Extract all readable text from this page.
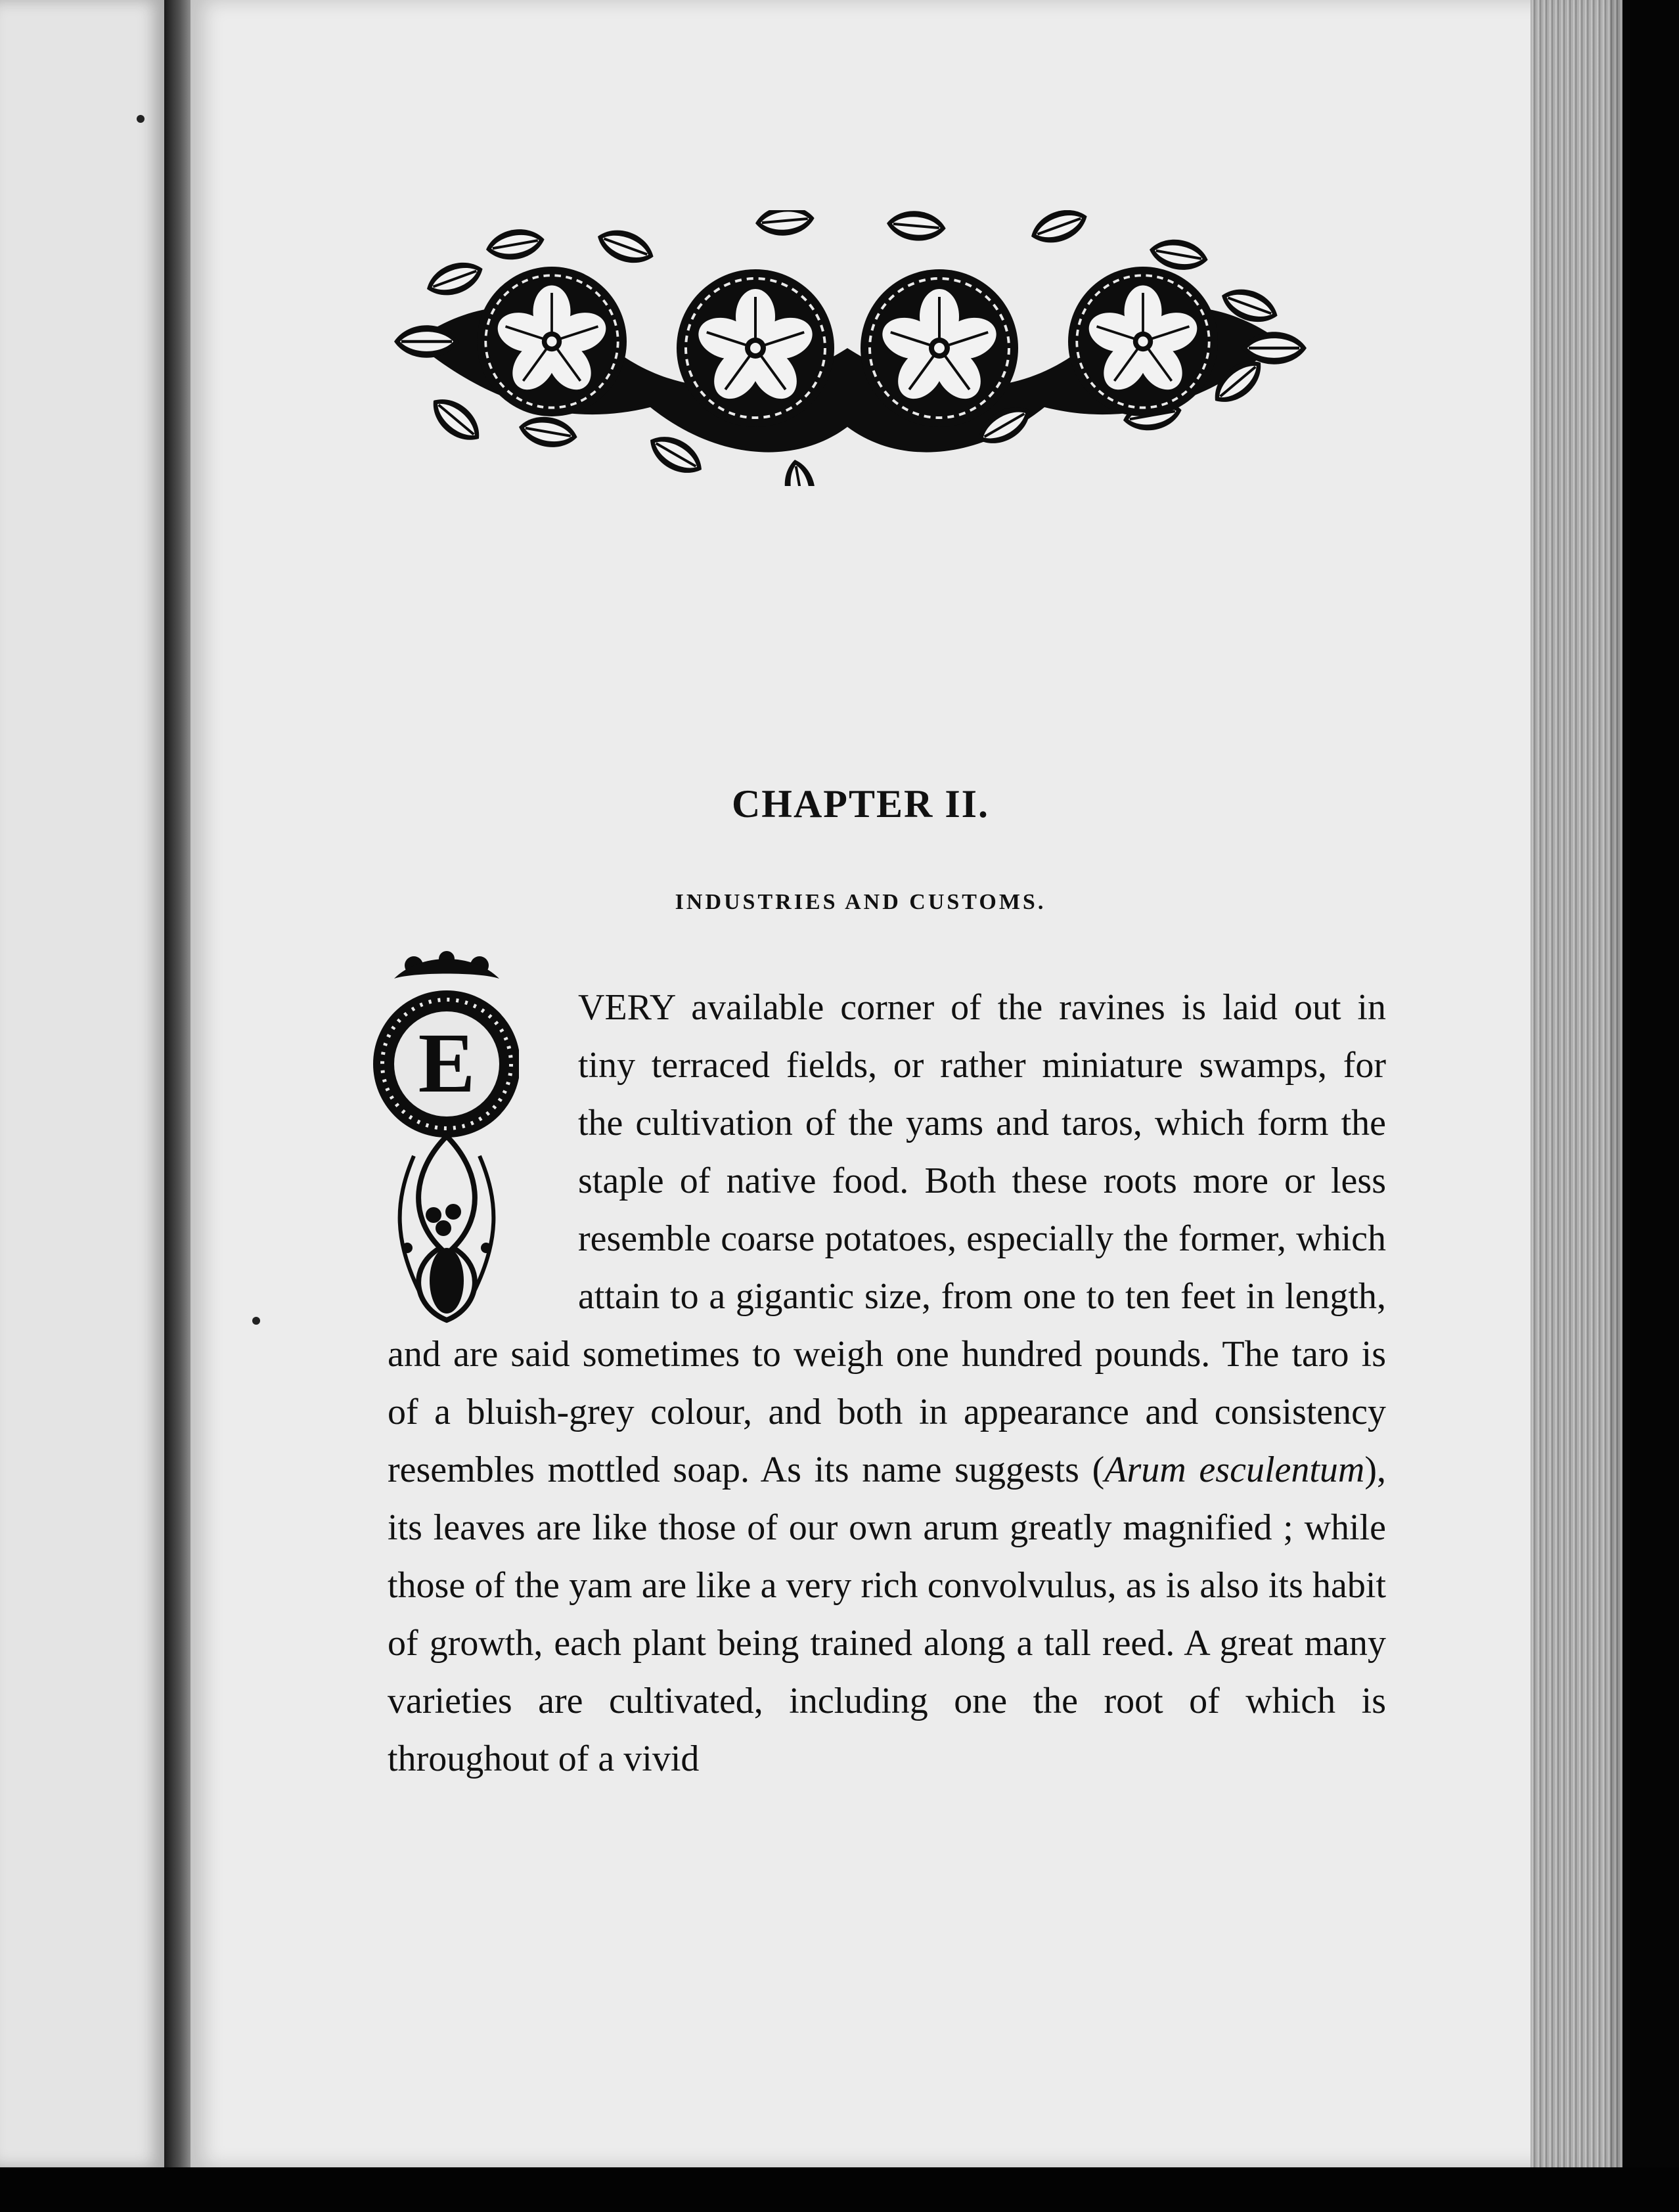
CHAPTER II.
INDUSTRIES AND CUSTOMS.
E

VERY available corner of the ravines is laid out in tiny terraced fields, or rather miniature swamps, for the cultivation of the yams and taros, which form the staple of native food. Both these roots more or less resemble coarse potatoes, especially the former, which attain to a gigantic size, from one to ten feet in length, and are said sometimes to weigh one hundred pounds. The taro is of a bluish-grey colour, and both in appearance and consistency resembles mottled soap. As its name suggests (Arum esculentum), its leaves are like those of our own arum greatly magnified ; while those of the yam are like a very rich convolvulus, as is also its habit of growth, each plant being trained along a tall reed. A great many varieties are cultivated, including one the root of which is throughout of a vivid
